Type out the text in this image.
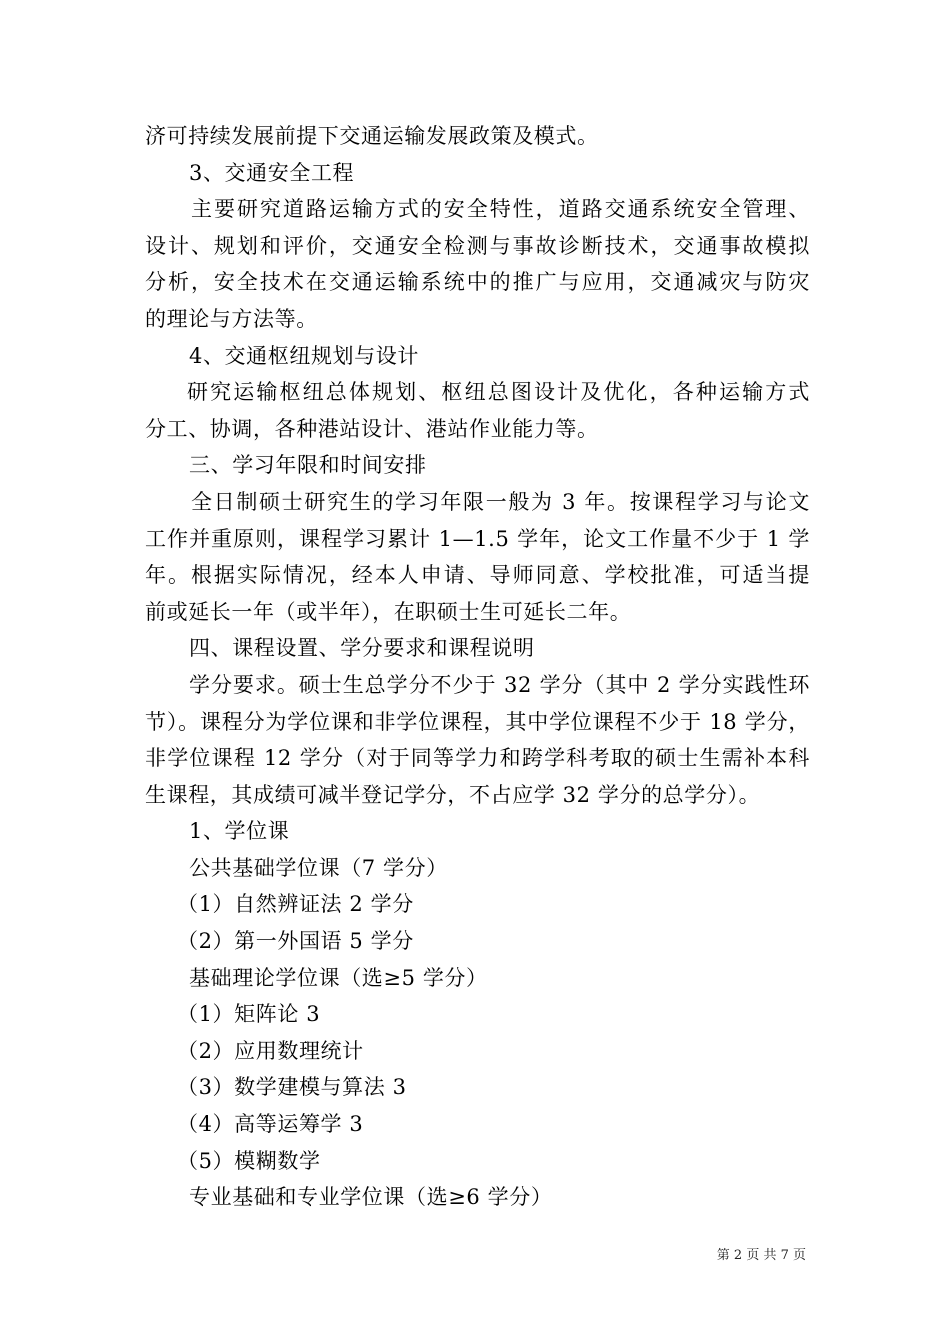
济可持续发展前提下交通运输发展政策及模式。
3、交通安全工程
主要研究道路运输方式的安全特性，道路交通系统安全管理、
设计、规划和评价，交通安全检测与事故诊断技术，交通事故模拟
分析，安全技术在交通运输系统中的推广与应用，交通减灾与防灾
的理论与方法等。
4、交通枢纽规划与设计
研究运输枢纽总体规划、枢纽总图设计及优化，各种运输方式
分工、协调，各种港站设计、港站作业能力等。
三、学习年限和时间安排
全日制硕士研究生的学习年限一般为 3 年。按课程学习与论文
工作并重原则，课程学习累计 1—1.5 学年，论文工作量不少于 1 学
年。根据实际情况，经本人申请、导师同意、学校批准，可适当提
前或延长一年（或半年），在职硕士生可延长二年。
四、课程设置、学分要求和课程说明
学分要求。硕士生总学分不少于 32 学分（其中 2 学分实践性环
节）。课程分为学位课和非学位课程，其中学位课程不少于 18 学分，
非学位课程 12 学分（对于同等学力和跨学科考取的硕士生需补本科
生课程，其成绩可减半登记学分，不占应学 32 学分的总学分）。
1、学位课
公共基础学位课（7 学分）
（1）自然辨证法 2 学分
（2）第一外国语 5 学分
基础理论学位课（选≥5 学分）
（1）矩阵论 3
（2）应用数理统计
（3）数学建模与算法 3
（4）高等运筹学 3
（5）模糊数学
专业基础和专业学位课（选≥6 学分）
第 2 页 共 7 页
